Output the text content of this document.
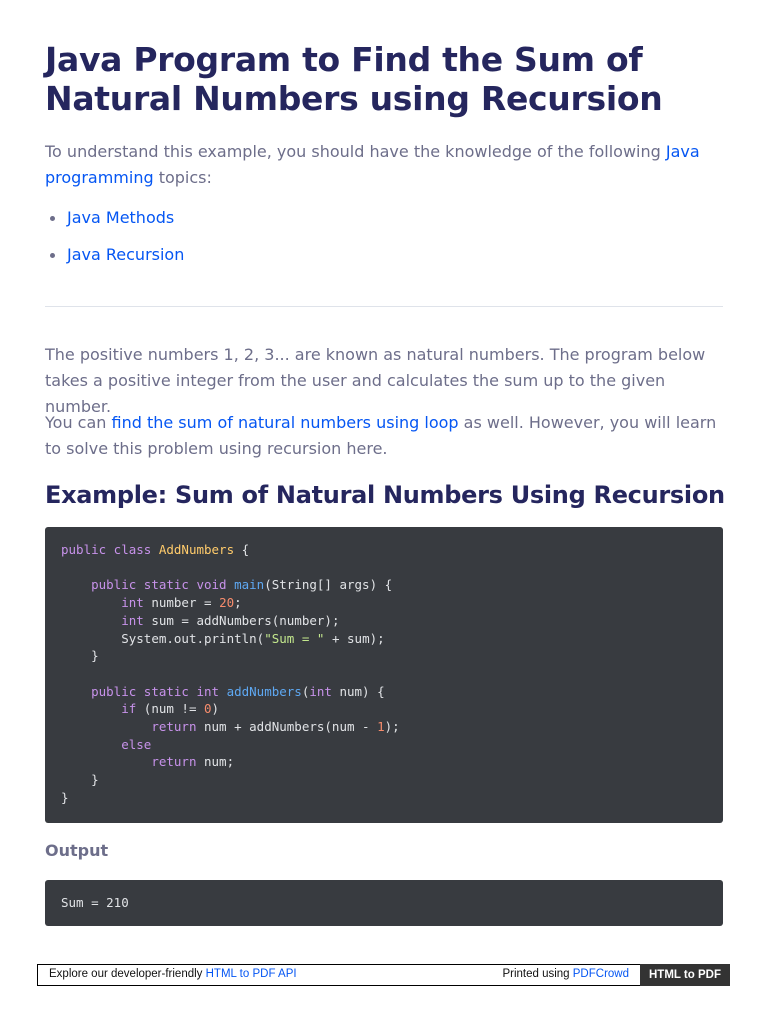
Java Program to Find the Sum of Natural Numbers using Recursion

To understand this example, you should have the knowledge of the following Java programming topics:

Java Methods
Java Recursion

The positive numbers 1, 2, 3... are known as natural numbers. The program below takes a positive integer from the user and calculates the sum up to the given number.

You can find the sum of natural numbers using loop as well. However, you will learn to solve this problem using recursion here.

Example: Sum of Natural Numbers Using Recursion
public class AddNumbers {

public static void main(String[] args) {
int number = 20;
int sum = addNumbers(number);
System.out.println("Sum = " + sum);
}

public static int addNumbers(int num) {
if (num != 0)
return num + addNumbers(num - 1);
else
return num;
}
}

Output

Sum = 210
Explore our developer-friendly HTML to PDF API	Printed using PDFCrowd	HTML to PDF
